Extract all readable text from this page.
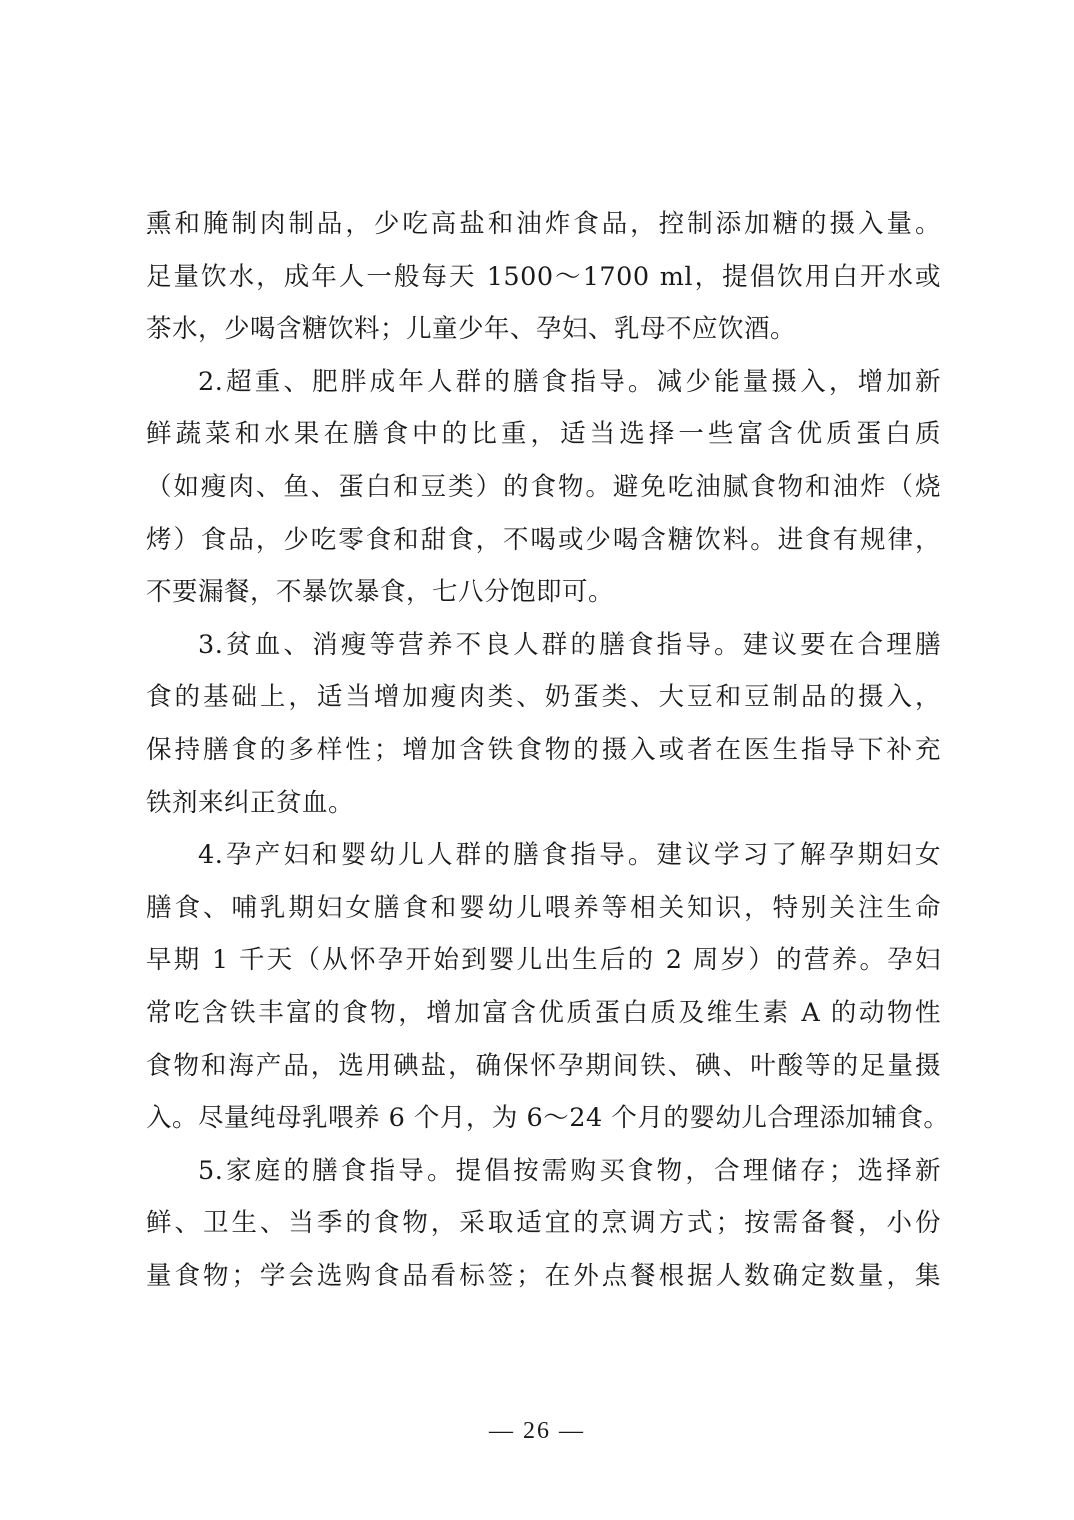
熏和腌制肉制品，少吃高盐和油炸食品，控制添加糖的摄入量。
足量饮水，成年人一般每天 1500～1700 ml，提倡饮用白开水或
茶水，少喝含糖饮料；儿童少年、孕妇、乳母不应饮酒。
2.超重、肥胖成年人群的膳食指导。减少能量摄入，增加新
鲜蔬菜和水果在膳食中的比重，适当选择一些富含优质蛋白质
（如瘦肉、鱼、蛋白和豆类）的食物。避免吃油腻食物和油炸（烧
烤）食品，少吃零食和甜食，不喝或少喝含糖饮料。进食有规律，
不要漏餐，不暴饮暴食，七八分饱即可。
3.贫血、消瘦等营养不良人群的膳食指导。建议要在合理膳
食的基础上，适当增加瘦肉类、奶蛋类、大豆和豆制品的摄入，
保持膳食的多样性；增加含铁食物的摄入或者在医生指导下补充
铁剂来纠正贫血。
4.孕产妇和婴幼儿人群的膳食指导。建议学习了解孕期妇女
膳食、哺乳期妇女膳食和婴幼儿喂养等相关知识，特别关注生命
早期 1 千天（从怀孕开始到婴儿出生后的 2 周岁）的营养。孕妇
常吃含铁丰富的食物，增加富含优质蛋白质及维生素 A 的动物性
食物和海产品，选用碘盐，确保怀孕期间铁、碘、叶酸等的足量摄
入。尽量纯母乳喂养 6 个月，为 6～24 个月的婴幼儿合理添加辅食。
5.家庭的膳食指导。提倡按需购买食物，合理储存；选择新
鲜、卫生、当季的食物，采取适宜的烹调方式；按需备餐，小份
量食物；学会选购食品看标签；在外点餐根据人数确定数量，集
— 26 —
